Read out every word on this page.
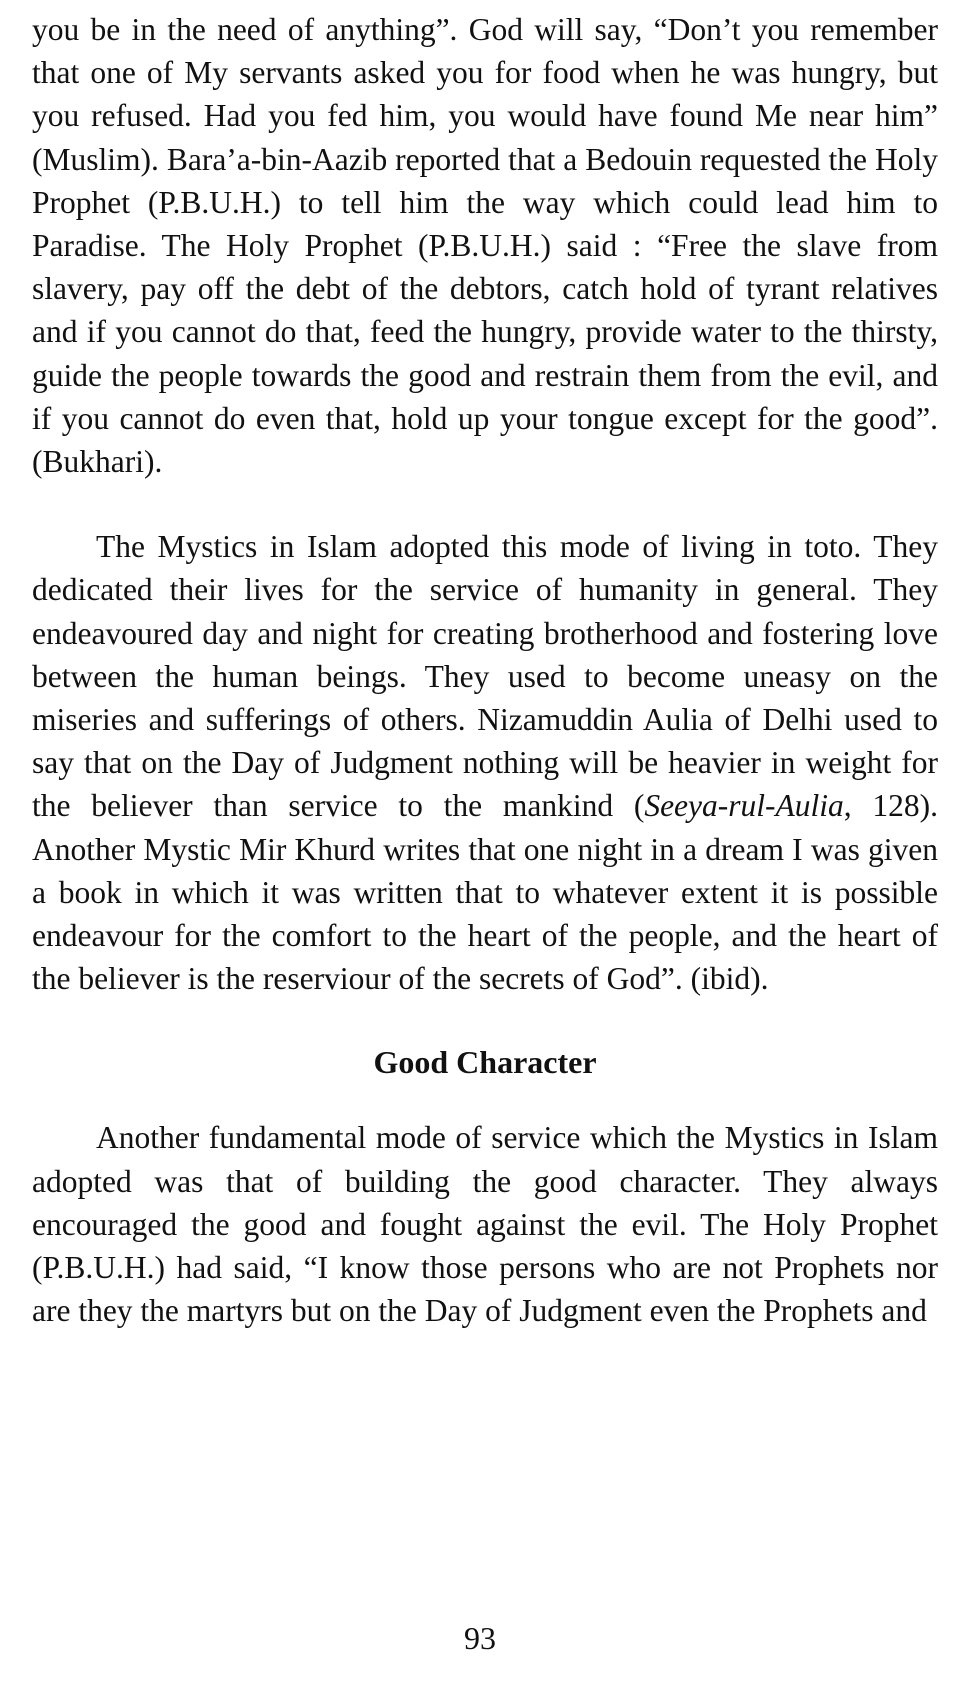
you be in the need of anything”. God will say, “Don’t you remember that one of My servants asked you for food when he was hungry, but you refused. Had you fed him, you would have found Me near him” (Muslim). Bara’a-bin-Aazib reported that a Bedouin requested the Holy Prophet (P.B.U.H.) to tell him the way which could lead him to Paradise. The Holy Prophet (P.B.U.H.) said : “Free the slave from slavery, pay off the debt of the debtors, catch hold of tyrant relatives and if you cannot do that, feed the hungry, provide water to the thirsty, guide the people towards the good and restrain them from the evil, and if you cannot do even that, hold up your tongue except for the good”. (Bukhari).

The Mystics in Islam adopted this mode of living in toto. They dedicated their lives for the service of humanity in general. They endeavoured day and night for creating brotherhood and fostering love between the human beings. They used to become uneasy on the miseries and sufferings of others. Nizamuddin Aulia of Delhi used to say that on the Day of Judgment nothing will be heavier in weight for the believer than service to the mankind (Seeya-rul-Aulia, 128). Another Mystic Mir Khurd writes that one night in a dream I was given a book in which it was written that to whatever extent it is possible endeavour for the comfort to the heart of the people, and the heart of the believer is the reserviour of the secrets of God”. (ibid).

Good Character

Another fundamental mode of service which the Mystics in Islam adopted was that of building the good character. They always encouraged the good and fought against the evil. The Holy Prophet (P.B.U.H.) had said, “I know those persons who are not Prophets nor are they the martyrs but on the Day of Judgment even the Prophets and

93
